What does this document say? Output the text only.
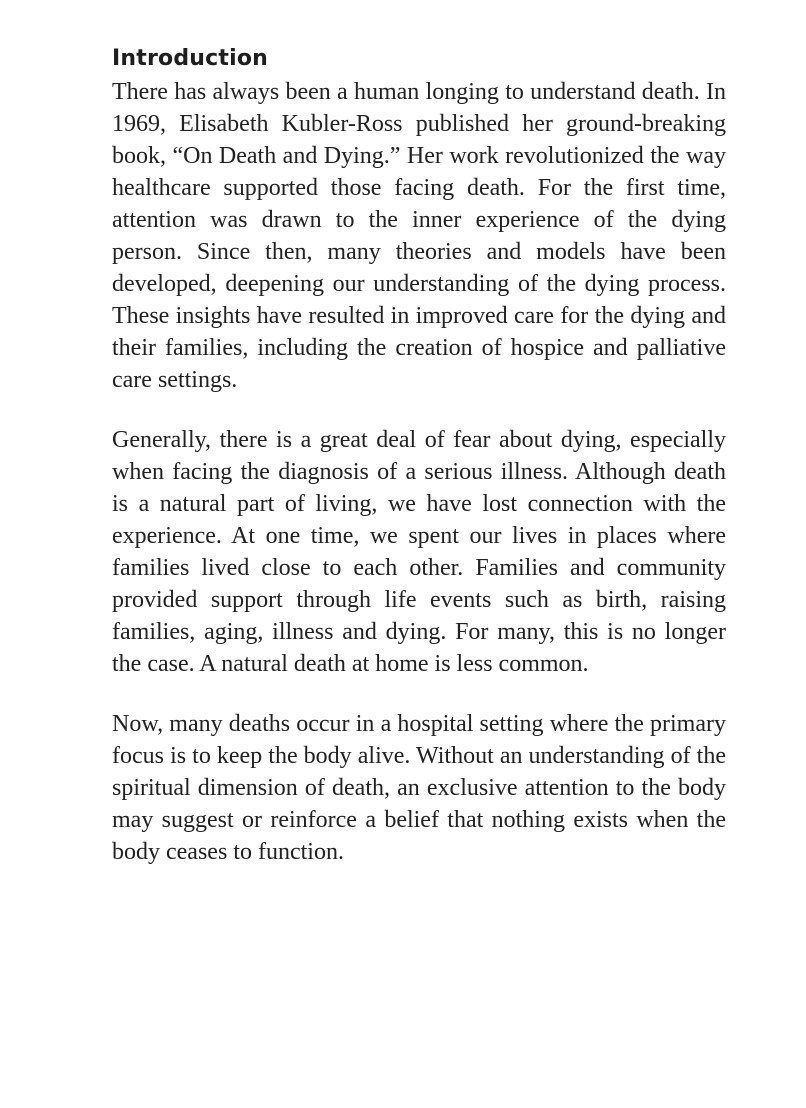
Introduction

There has always been a human longing to understand death. In 1969, Elisabeth Kubler-Ross published her ground-breaking book, “On Death and Dying.” Her work revolutionized the way healthcare supported those facing death. For the first time, attention was drawn to the inner experience of the dying person. Since then, many theories and models have been developed, deepening our understanding of the dying process. These insights have resulted in improved care for the dying and their families, including the creation of hospice and palliative care settings.

Generally, there is a great deal of fear about dying, especially when facing the diagnosis of a serious illness. Although death is a natural part of living, we have lost connection with the experience. At one time, we spent our lives in places where families lived close to each other. Families and community provided support through life events such as birth, raising families, aging, illness and dying. For many, this is no longer the case. A natural death at home is less common.

Now, many deaths occur in a hospital setting where the primary focus is to keep the body alive. Without an understanding of the spiritual dimension of death, an exclusive attention to the body may suggest or reinforce a belief that nothing exists when the body ceases to function.
